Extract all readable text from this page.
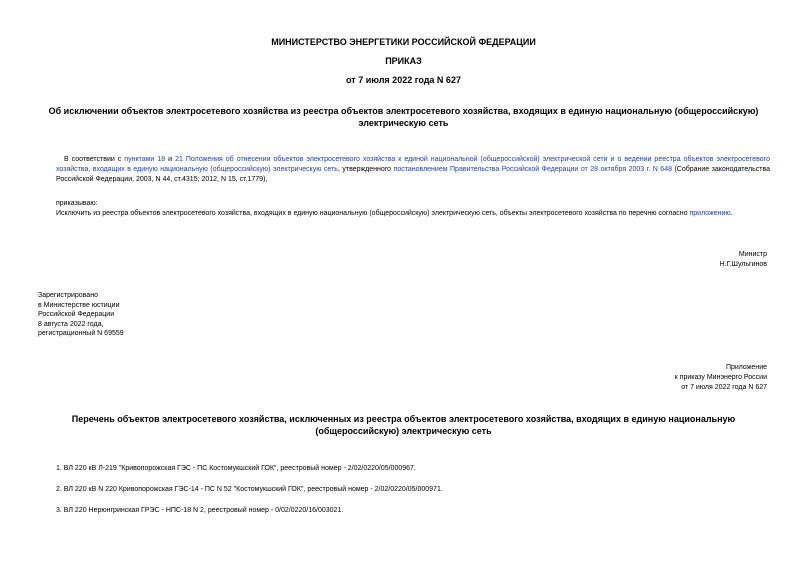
МИНИСТЕРСТВО ЭНЕРГЕТИКИ РОССИЙСКОЙ ФЕДЕРАЦИИ
ПРИКАЗ
от 7 июля 2022 года N 627
Об исключении объектов электросетевого хозяйства из реестра объектов электросетевого хозяйства, входящих в единую национальную (общероссийскую)
электрическую сеть
В соответствии с пунктами 18 и 21 Положения об отнесении объектов электросетевого хозяйства к единой национальной (общероссийской) электрической сети и о ведении реестра объектов электросетевого хозяйства, входящих в единую национальную (общероссийскую) электрическую сеть, утвержденного постановлением Правительства Российской Федерации от 28 октября 2003 г. N 648 (Собрание законодательства Российской Федерации, 2003, N 44, ст.4315; 2012, N 15, ст.1779),
приказываю:
Исключить из реестра объектов электросетевого хозяйства, входящих в единую национальную (общероссийскую) электрическую сеть, объекты электросетевого хозяйства по перечню согласно приложению.
Министр
Н.Г.Шульгинов
Зарегистрировано
в Министерстве юстиции
Российской Федерации
8 августа 2022 года,
регистрационный N 69559
Приложение
к приказу Минэнерго России
от 7 июля 2022 года N 627
Перечень объектов электросетевого хозяйства, исключенных из реестра объектов электросетевого хозяйства, входящих в единую национальную
(общероссийскую) электрическую сеть
1. ВЛ 220 кВ Л-219 "Кривопорожская ГЭС - ПС Костомукшский ГОК", реестровый номер - 2/02/0220/05/000967.
2. ВЛ 220 кВ N 220 Кривопорожская ГЭС-14 - ПС N 52 "Костомукшский ГОК", реестровый номер - 2/02/0220/05/000971.
3. ВЛ 220 Нерюнгринская ГРЭС - НПС-18 N 2, реестровый номер - 0/02/0220/16/003021.
